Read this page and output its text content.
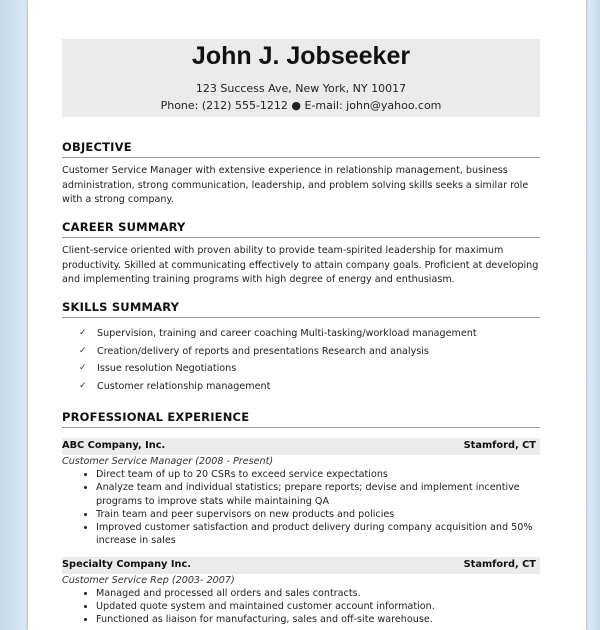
John J. Jobseeker
123 Success Ave, New York, NY 10017
Phone: (212) 555-1212 ● E-mail: john@yahoo.com
OBJECTIVE
Customer Service Manager with extensive experience in relationship management, business administration, strong communication, leadership, and problem solving skills seeks a similar role with a strong company.
CAREER SUMMARY
Client-service oriented with proven ability to provide team-spirited leadership for maximum productivity. Skilled at communicating effectively to attain company goals. Proficient at developing and implementing training programs with high degree of energy and enthusiasm.
SKILLS SUMMARY
✓ Supervision, training and career coaching Multi-tasking/workload management
✓ Creation/delivery of reports and presentations Research and analysis
✓ Issue resolution Negotiations
✓ Customer relationship management
PROFESSIONAL EXPERIENCE
ABC Company, Inc.	Stamford, CT
Customer Service Manager (2008 - Present)
• Direct team of up to 20 CSRs to exceed service expectations
• Analyze team and individual statistics; prepare reports; devise and implement incentive programs to improve stats while maintaining QA
• Train team and peer supervisors on new products and policies
• Improved customer satisfaction and product delivery during company acquisition and 50% increase in sales
Specialty Company Inc.	Stamford, CT
Customer Service Rep (2003- 2007)
• Managed and processed all orders and sales contracts.
• Updated quote system and maintained customer account information.
• Functioned as liaison for manufacturing, sales and off-site warehouse.
